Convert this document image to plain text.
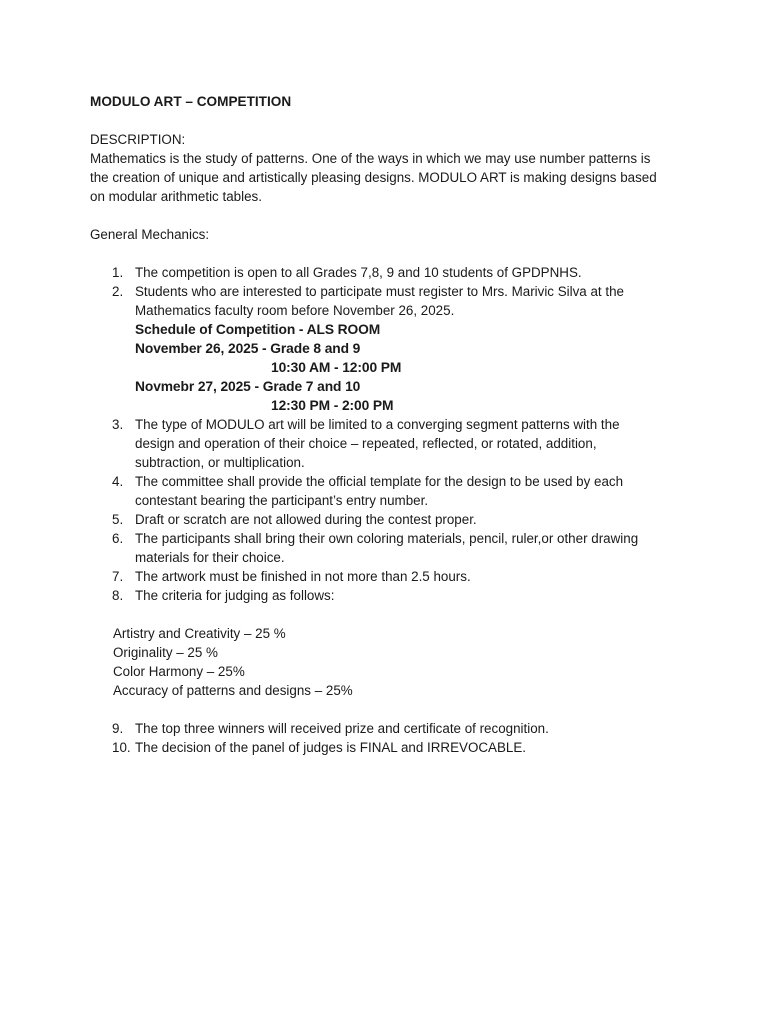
MODULO ART – COMPETITION
DESCRIPTION:
Mathematics is the study of patterns. One of the ways in which we may use number patterns is
the creation of unique and artistically pleasing designs. MODULO ART is making designs based
on modular arithmetic tables.
General Mechanics:
1. The competition is open to all Grades 7,8, 9 and 10 students of GPDPNHS.
2. Students who are interested to participate must register to Mrs. Marivic Silva at the
Mathematics faculty room before November 26, 2025.
Schedule of Competition - ALS ROOM
November 26, 2025 - Grade 8 and 9
10:30 AM - 12:00 PM
Novmebr 27, 2025 - Grade 7 and 10
12:30 PM - 2:00 PM
3. The type of MODULO art will be limited to a converging segment patterns with the
design and operation of their choice – repeated, reflected, or rotated, addition,
subtraction, or multiplication.
4. The committee shall provide the official template for the design to be used by each
contestant bearing the participant’s entry number.
5. Draft or scratch are not allowed during the contest proper.
6. The participants shall bring their own coloring materials, pencil, ruler,or other drawing
materials for their choice.
7. The artwork must be finished in not more than 2.5 hours.
8. The criteria for judging as follows:
Artistry and Creativity – 25 %
Originality – 25 %
Color Harmony – 25%
Accuracy of patterns and designs – 25%
9. The top three winners will received prize and certificate of recognition.
10. The decision of the panel of judges is FINAL and IRREVOCABLE.
